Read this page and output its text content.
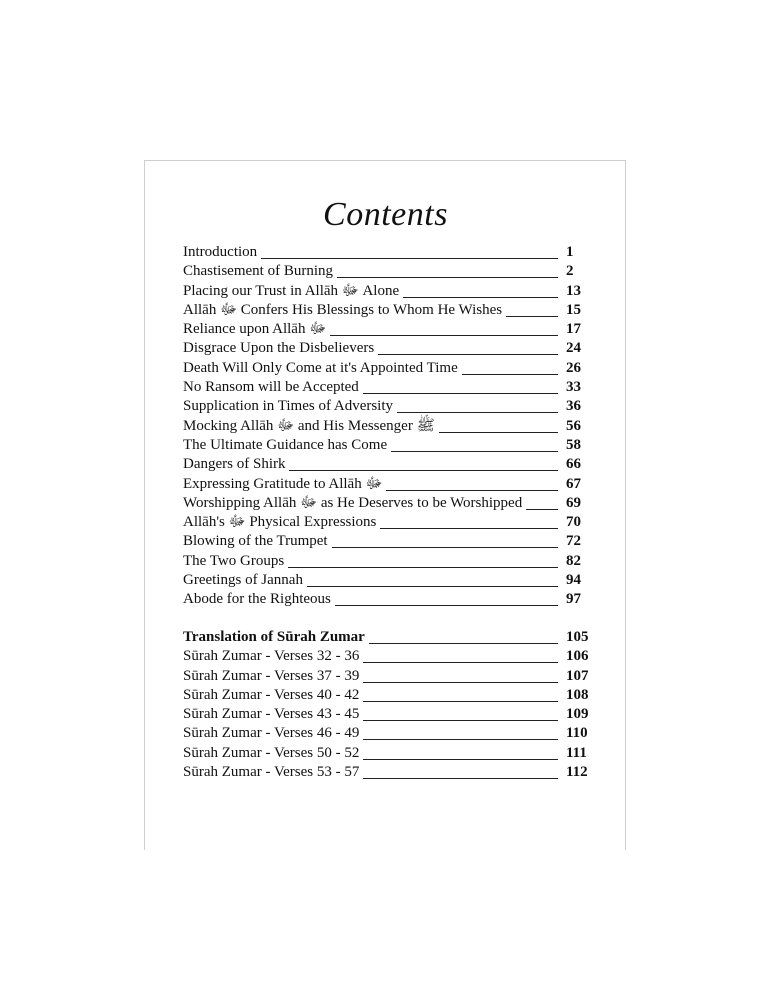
Contents
Introduction	1
Chastisement of Burning	2
Placing our Trust in Allāh ﷻ Alone	13
Allāh ﷻ Confers His Blessings to Whom He Wishes	15
Reliance upon Allāh ﷻ	17
Disgrace Upon the Disbelievers	24
Death Will Only Come at it's Appointed Time	26
No Ransom will be Accepted	33
Supplication in Times of Adversity	36
Mocking Allāh ﷻ and His Messenger ﷺ	56
The Ultimate Guidance has Come	58
Dangers of Shirk	66
Expressing Gratitude to Allāh ﷻ	67
Worshipping Allāh ﷻ as He Deserves to be Worshipped	69
Allāh's ﷻ Physical Expressions	70
Blowing of the Trumpet	72
The Two Groups	82
Greetings of Jannah	94
Abode for the Righteous	97
Translation of Sūrah Zumar	105
Sūrah Zumar - Verses 32 - 36	106
Sūrah Zumar - Verses 37 - 39	107
Sūrah Zumar - Verses 40 - 42	108
Sūrah Zumar - Verses 43 - 45	109
Sūrah Zumar - Verses 46 - 49	110
Sūrah Zumar - Verses 50 - 52	111
Sūrah Zumar - Verses 53 - 57	112
